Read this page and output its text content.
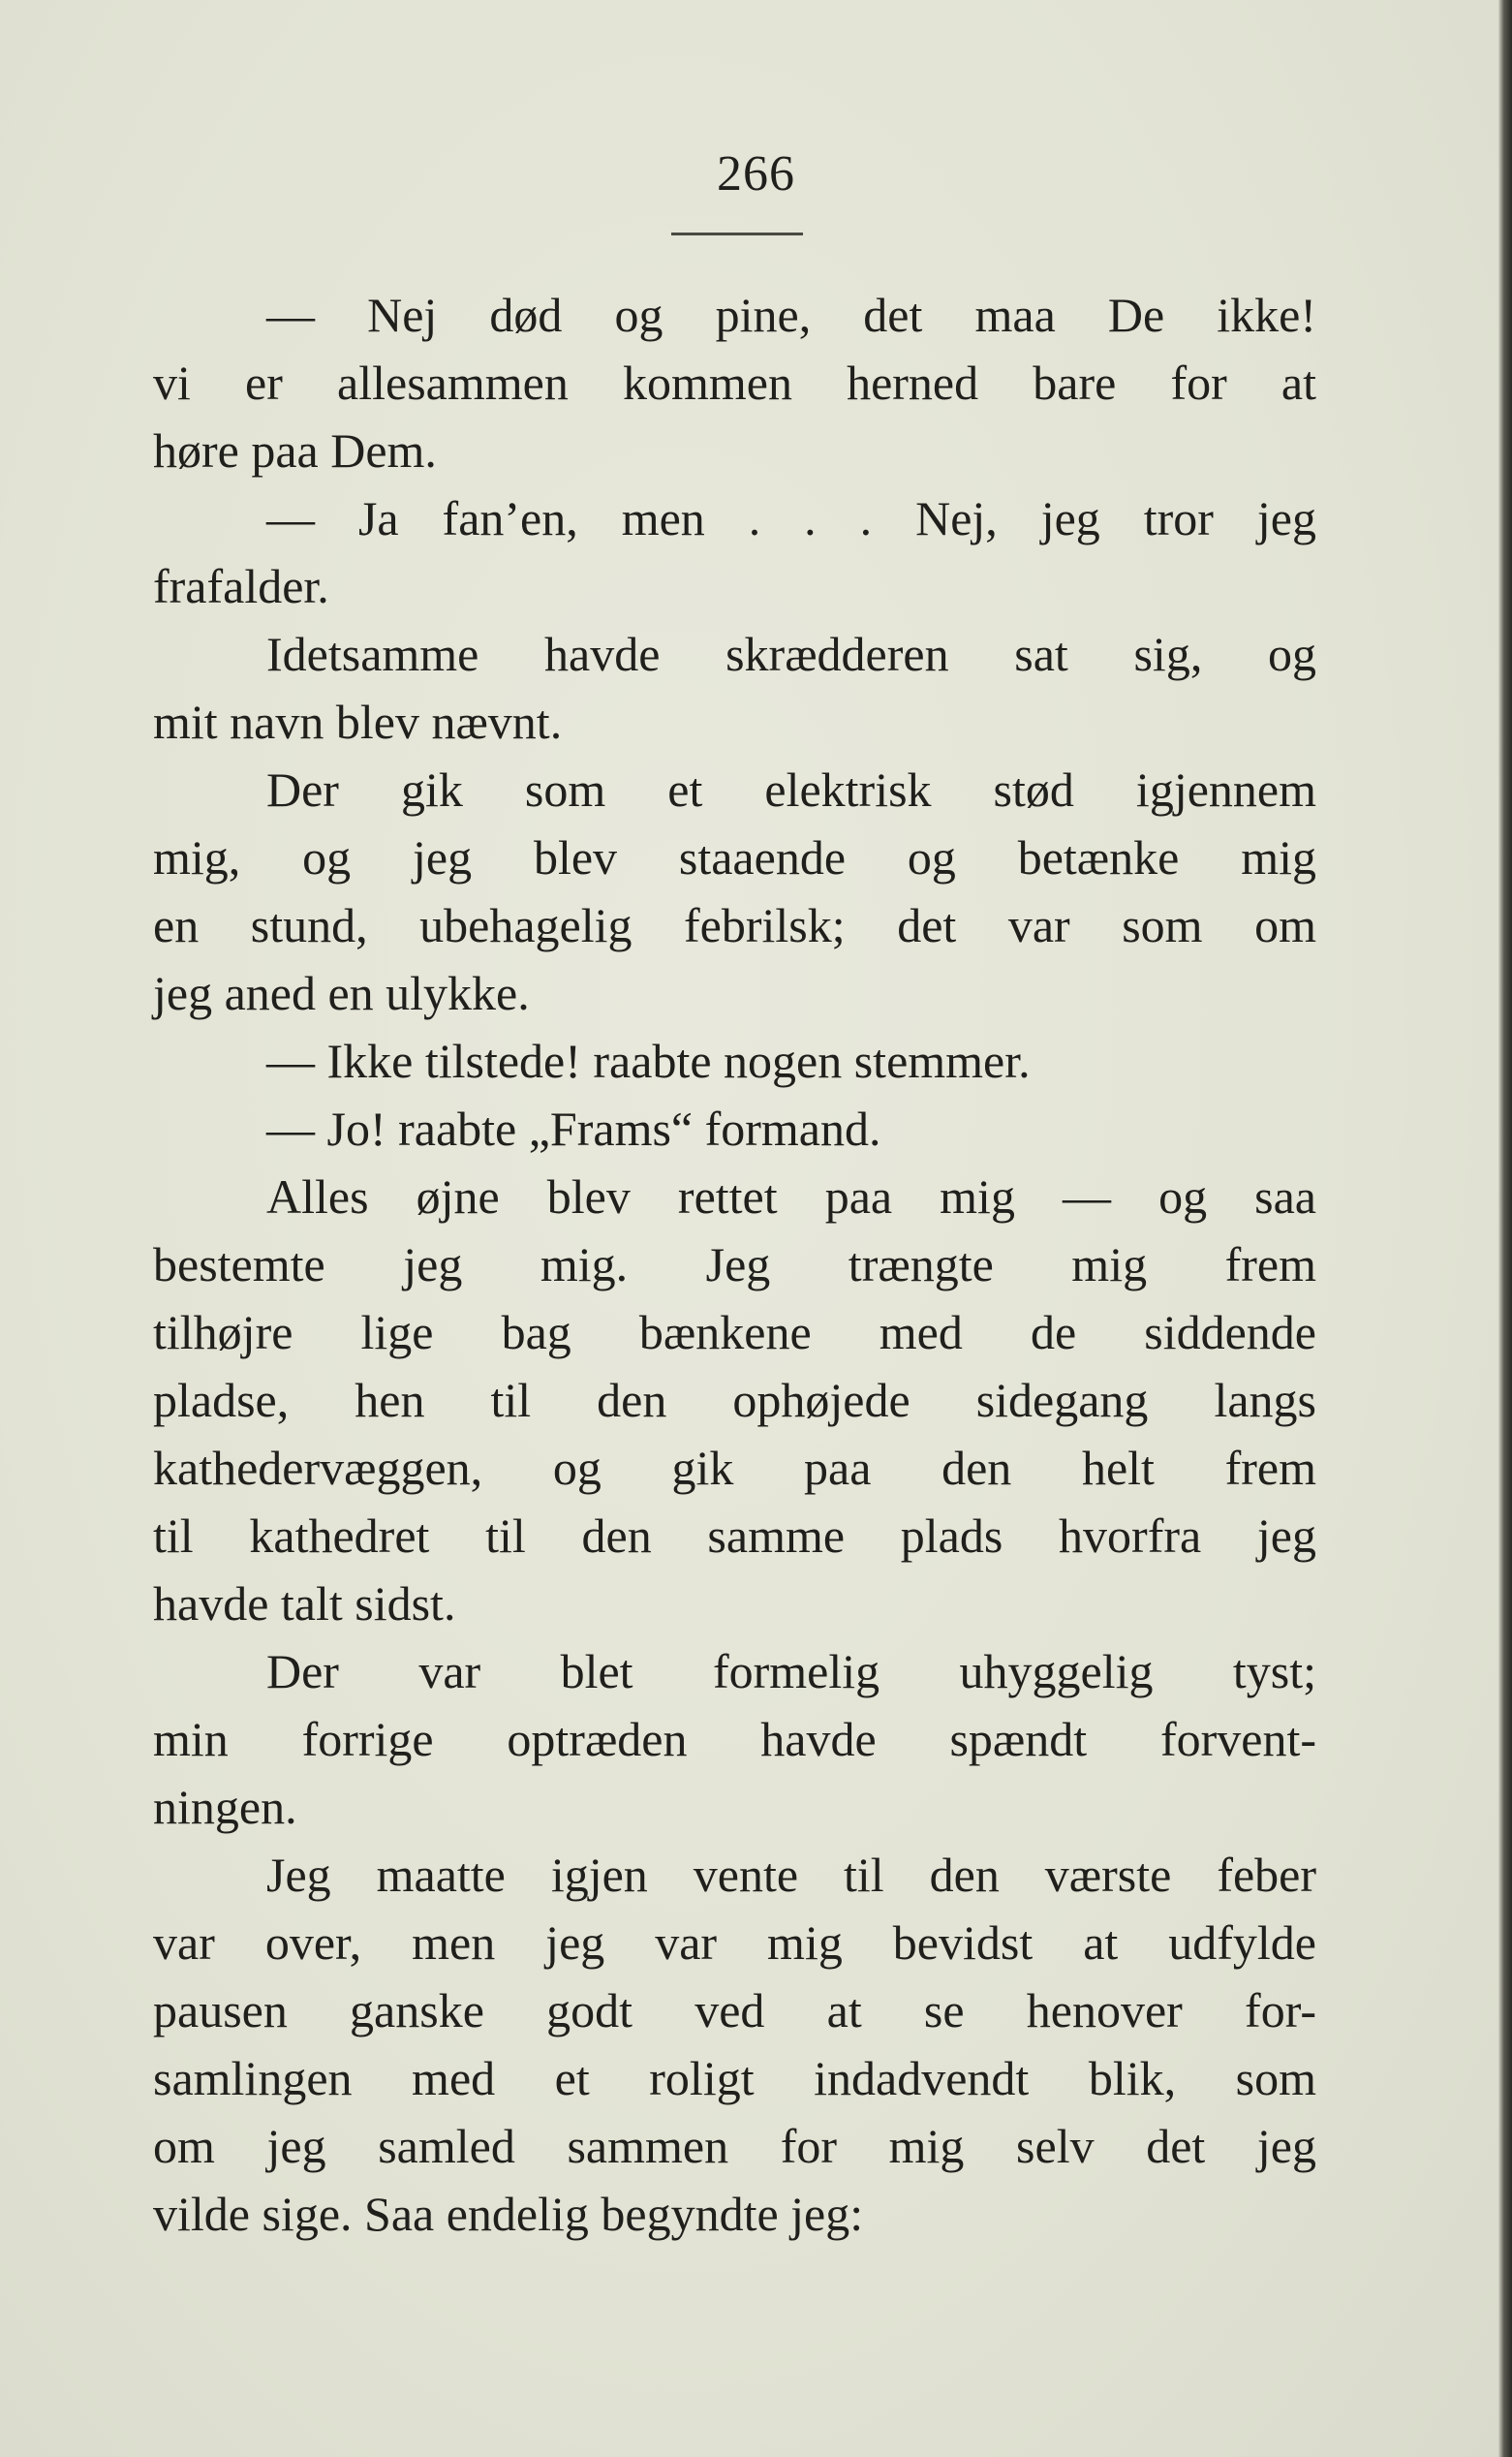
266
— Nej død og pine, det maa De ikke!
vi er allesammen kommen herned bare for at
høre paa Dem.
— Ja fan’en, men . . . Nej, jeg tror jeg
frafalder.
Idetsamme havde skrædderen sat sig, og
mit navn blev nævnt.
Der gik som et elektrisk stød igjennem
mig, og jeg blev staaende og betænke mig
en stund, ubehagelig febrilsk; det var som om
jeg aned en ulykke.
— Ikke tilstede! raabte nogen stemmer.
— Jo! raabte „Frams“ formand.
Alles øjne blev rettet paa mig — og saa
bestemte jeg mig. Jeg trængte mig frem
tilhøjre lige bag bænkene med de siddende
pladse, hen til den ophøjede sidegang langs
kathedervæggen, og gik paa den helt frem
til kathedret til den samme plads hvorfra jeg
havde talt sidst.
Der var blet formelig uhyggelig tyst;
min forrige optræden havde spændt forvent-
ningen.
Jeg maatte igjen vente til den værste feber
var over, men jeg var mig bevidst at udfylde
pausen ganske godt ved at se henover for-
samlingen med et roligt indadvendt blik, som
om jeg samled sammen for mig selv det jeg
vilde sige. Saa endelig begyndte jeg:
